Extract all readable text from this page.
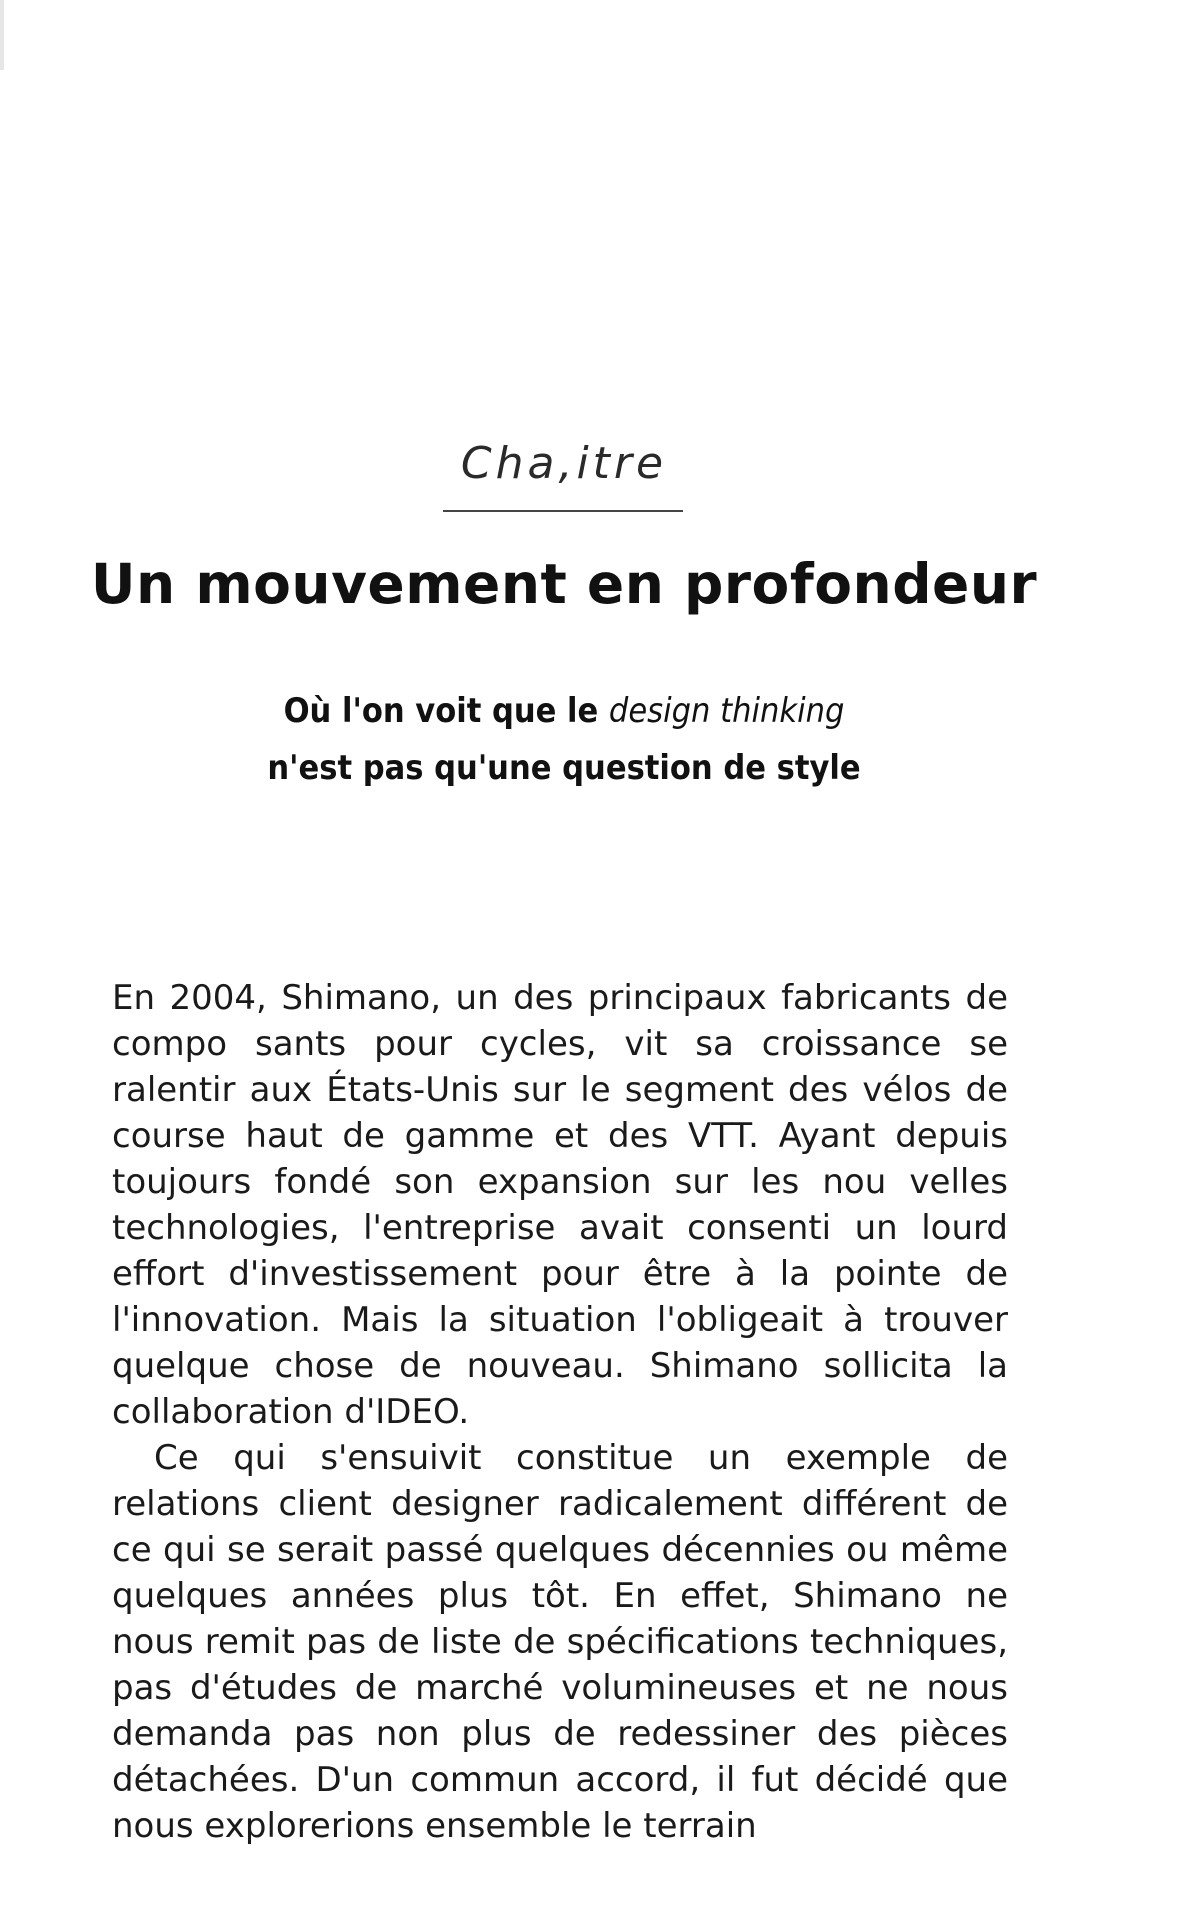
Cha,itre
Un mouvement en profondeur
Où l'on voit que le design thinking
n'est pas qu'une question de style

En 2004, Shimano, un des principaux fabricants de compo sants pour cycles, vit sa croissance se ralentir aux États-Unis sur le segment des vélos de course haut de gamme et des VTT. Ayant depuis toujours fondé son expansion sur les nou velles technologies, l'entreprise avait consenti un lourd effort d'investissement pour être à la pointe de l'innovation. Mais la situation l'obligeait à trouver quelque chose de nouveau. Shimano sollicita la collaboration d'IDEO.

Ce qui s'ensuivit constitue un exemple de relations client designer radicalement différent de ce qui se serait passé quelques décennies ou même quelques années plus tôt. En effet, Shimano ne nous remit pas de liste de spécifications techniques, pas d'études de marché volumineuses et ne nous demanda pas non plus de redessiner des pièces détachées. D'un commun accord, il fut décidé que nous explorerions ensemble le terrain
